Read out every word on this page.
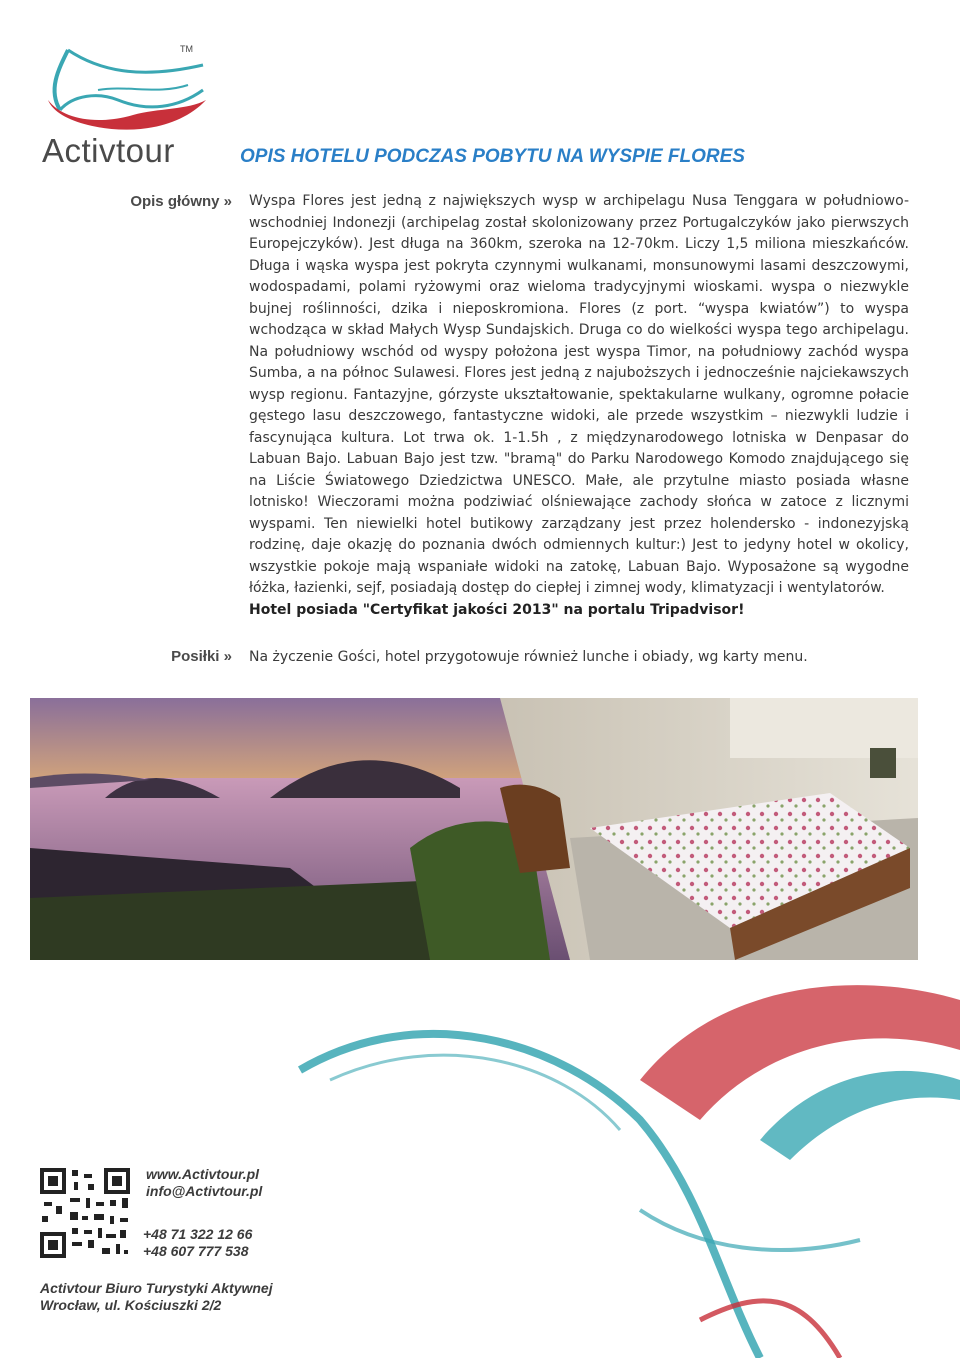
TM
Activtour	OPIS HOTELU PODCZAS POBYTU NA WYSPIE FLORES
Opis główny »
Posiłki »

Wyspa Flores jest jedną z największych wysp w archipelagu Nusa Tenggara w południowo-wschodniej Indonezji (archipelag został skolonizowany przez Portugalczyków jako pierwszych Europejczyków). Jest długa na 360km, szeroka na 12-70km. Liczy 1,5 miliona mieszkańców. Długa i wąska wyspa jest pokryta czynnymi wulkanami, monsunowymi lasami deszczowymi, wodospadami, polami ryżowymi oraz wieloma tradycyjnymi wioskami. wyspa o niezwykle bujnej roślinności, dzika i nieposkromiona. Flores (z port. “wyspa kwiatów”) to wyspa wchodząca w skład Małych Wysp Sundajskich. Druga co do wielkości wyspa tego archipelagu. Na południowy wschód od wyspy położona jest wyspa Timor, na południowy zachód wyspa Sumba, a na północ Sulawesi. Flores jest jedną z najuboższych i jednocześnie najciekawszych wysp regionu. Fantazyjne, górzyste ukształtowanie, spektakularne wulkany, ogromne połacie gęstego lasu deszczowego, fantastyczne widoki, ale przede wszystkim – niezwykli ludzie i fascynująca kultura. Lot trwa ok. 1-1.5h , z międzynarodowego lotniska w Denpasar do Labuan Bajo. Labuan Bajo jest tzw. "bramą" do Parku Narodowego Komodo znajdującego się na Liście Światowego Dziedzictwa UNESCO. Małe, ale przytulne miasto posiada własne lotnisko! Wieczorami można podziwiać olśniewające zachody słońca w zatoce z licznymi wyspami. Ten niewielki hotel butikowy zarządzany jest przez holendersko - indonezyjską rodzinę, daje okazję do poznania dwóch odmiennych kultur:) Jest to jedyny hotel w okolicy, wszystkie pokoje mają wspaniałe widoki na zatokę, Labuan Bajo. Wyposażone są wygodne łóżka, łazienki, sejf, posiadają dostęp do ciepłej i zimnej wody, klimatyzacji i wentylatorów.

Hotel posiada "Certyfikat jakości 2013" na portalu Tripadvisor!

Na życzenie Gości, hotel przygotowuje również lunche i obiady, wg karty menu.
www.Activtour.pl
info@Activtour.pl
+48 71 322 12 66
+48 607 777 538
Activtour Biuro Turystyki Aktywnej
Wrocław, ul. Kościuszki 2/2
